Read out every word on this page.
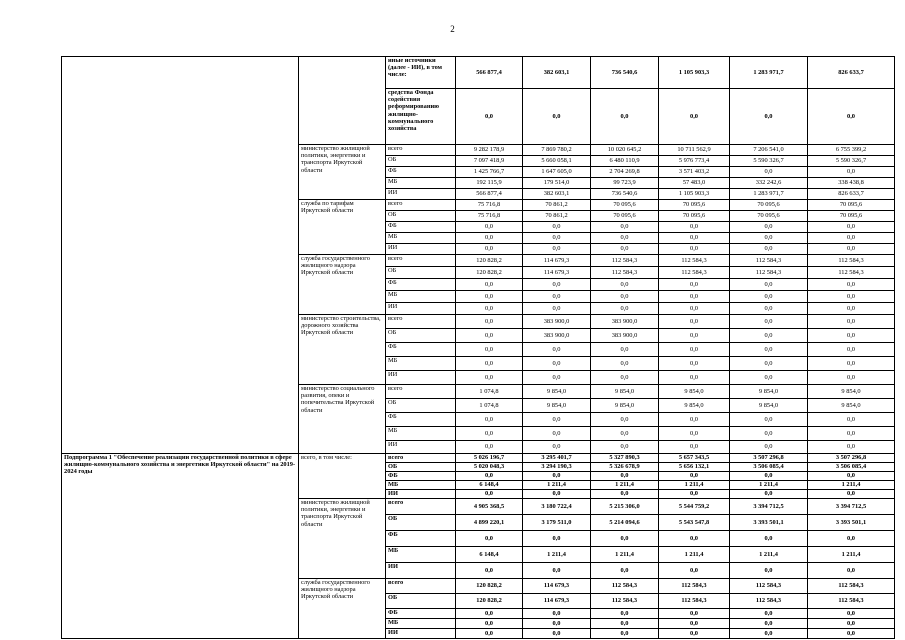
2
		иные источники (далее - ИИ), в том числе:	566 877,4	382 603,1	736 540,6	1 105 903,3	1 283 971,7	826 633,7
		средства Фонда содействия реформированию жилищно-коммунального хозяйства	0,0	0,0	0,0	0,0	0,0	0,0
	министерство жилищной политики, энергетики и транспорта Иркутской области	всего	9 282 178,9	7 869 780,2	10 020 645,2	10 711 562,9	7 206 541,0	6 755 399,2
		ОБ	7 097 418,9	5 660 058,1	6 480 110,9	5 976 773,4	5 590 326,7	5 590 326,7
		ФБ	1 425 766,7	1 647 605,0	2 704 269,8	3 571 403,2	0,0	0,0
		МБ	192 115,9	179 514,0	99 723,9	57 483,0	332 242,6	338 438,8
		ИИ	566 877,4	382 603,1	736 540,6	1 105 903,3	1 283 971,7	826 633,7
	служба по тарифам Иркутской области	всего	75 716,8	70 861,2	70 095,6	70 095,6	70 095,6	70 095,6
		ОБ	75 716,8	70 861,2	70 095,6	70 095,6	70 095,6	70 095,6
		ФБ	0,0	0,0	0,0	0,0	0,0	0,0
		МБ	0,0	0,0	0,0	0,0	0,0	0,0
		ИИ	0,0	0,0	0,0	0,0	0,0	0,0
	служба государственного жилищного надзора Иркутской области	всего	120 828,2	114 679,3	112 584,3	112 584,3	112 584,3	112 584,3
		ОБ	120 828,2	114 679,3	112 584,3	112 584,3	112 584,3	112 584,3
		ФБ	0,0	0,0	0,0	0,0	0,0	0,0
		МБ	0,0	0,0	0,0	0,0	0,0	0,0
		ИИ	0,0	0,0	0,0	0,0	0,0	0,0
	министерство строительства, дорожного хозяйства Иркутской области	всего	0,0	383 900,0	383 900,0	0,0	0,0	0,0
		ОБ	0,0	383 900,0	383 900,0	0,0	0,0	0,0
		ФБ	0,0	0,0	0,0	0,0	0,0	0,0
		МБ	0,0	0,0	0,0	0,0	0,0	0,0
		ИИ	0,0	0,0	0,0	0,0	0,0	0,0
	министерство социального развития, опеки и попечительства Иркутской области	всего	1 074,8	9 854,0	9 854,0	9 854,0	9 854,0	9 854,0
		ОБ	1 074,8	9 854,0	9 854,0	9 854,0	9 854,0	9 854,0
		ФБ	0,0	0,0	0,0	0,0	0,0	0,0
		МБ	0,0	0,0	0,0	0,0	0,0	0,0
		ИИ	0,0	0,0	0,0	0,0	0,0	0,0
Подпрограмма 1 "Обеспечение реализации государственной политики в сфере жилищно-коммунального хозяйства и энергетики Иркутской области" на 2019-2024 годы	всего, в том числе:	всего	5 026 196,7	3 295 401,7	5 327 890,3	5 657 343,5	3 507 296,8	3 507 296,8
		ОБ	5 020 048,3	3 294 190,3	5 326 678,9	5 656 132,1	3 506 085,4	3 506 085,4
		ФБ	0,0	0,0	0,0	0,0	0,0	0,0
		МБ	6 148,4	1 211,4	1 211,4	1 211,4	1 211,4	1 211,4
		ИИ	0,0	0,0	0,0	0,0	0,0	0,0
	министерство жилищной политики, энергетики и транспорта Иркутской области	всего	4 905 368,5	3 180 722,4	5 215 306,0	5 544 759,2	3 394 712,5	3 394 712,5
		ОБ	4 899 220,1	3 179 511,0	5 214 094,6	5 543 547,8	3 393 501,1	3 393 501,1
		ФБ	0,0	0,0	0,0	0,0	0,0	0,0
		МБ	6 148,4	1 211,4	1 211,4	1 211,4	1 211,4	1 211,4
		ИИ	0,0	0,0	0,0	0,0	0,0	0,0
	служба государственного жилищного надзора Иркутской области	всего	120 828,2	114 679,3	112 584,3	112 584,3	112 584,3	112 584,3
		ОБ	120 828,2	114 679,3	112 584,3	112 584,3	112 584,3	112 584,3
		ФБ	0,0	0,0	0,0	0,0	0,0	0,0
		МБ	0,0	0,0	0,0	0,0	0,0	0,0
		ИИ	0,0	0,0	0,0	0,0	0,0	0,0
